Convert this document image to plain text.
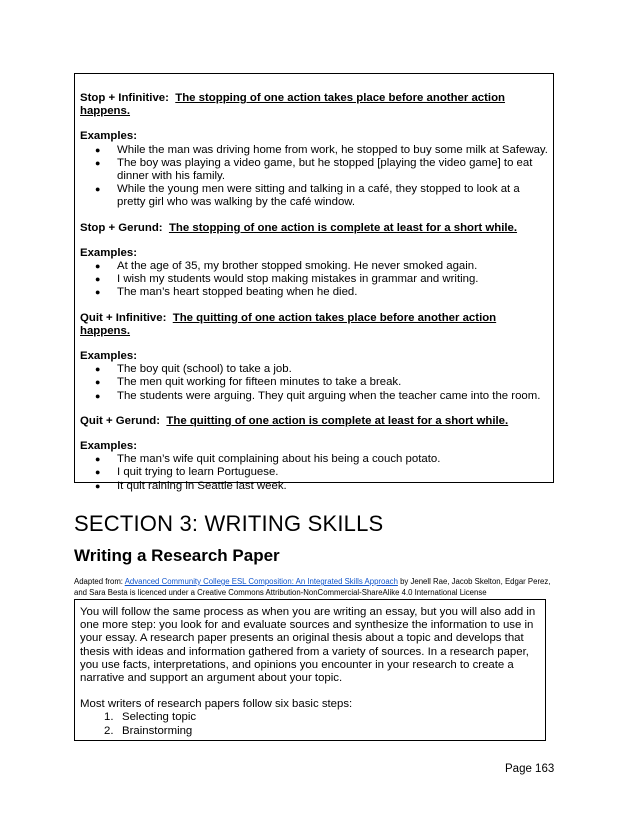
Stop + Infinitive: The stopping of one action takes place before another action happens.

Examples:

● While the man was driving home from work, he stopped to buy some milk at Safeway.
● The boy was playing a video game, but he stopped [playing the video game] to eat dinner with his family.
● While the young men were sitting and talking in a café, they stopped to look at a pretty girl who was walking by the café window.

Stop + Gerund: The stopping of one action is complete at least for a short while.

Examples:

● At the age of 35, my brother stopped smoking. He never smoked again.
● I wish my students would stop making mistakes in grammar and writing.
● The man’s heart stopped beating when he died.

Quit + Infinitive: The quitting of one action takes place before another action happens.

Examples:

● The boy quit (school) to take a job.
● The men quit working for fifteen minutes to take a break.
● The students were arguing. They quit arguing when the teacher came into the room.

Quit + Gerund: The quitting of one action is complete at least for a short while.

Examples:

● The man’s wife quit complaining about his being a couch potato.
● I quit trying to learn Portuguese.
● It quit raining in Seattle last week.
SECTION 3: WRITING SKILLS
Writing a Research Paper

Adapted from: Advanced Community College ESL Composition: An Integrated Skills Approach by Jenell Rae, Jacob Skelton, Edgar Perez, and Sara Besta is licenced under a Creative Commons Attribution-NonCommercial-ShareAlike 4.0 International License

You will follow the same process as when you are writing an essay, but you will also add in one more step: you look for and evaluate sources and synthesize the information to use in your essay. A research paper presents an original thesis about a topic and develops that thesis with ideas and information gathered from a variety of sources. In a research paper, you use facts, interpretations, and opinions you encounter in your research to create a narrative and support an argument about your topic.

Most writers of research papers follow six basic steps:

1. Selecting topic
2. Brainstorming

Page 163
